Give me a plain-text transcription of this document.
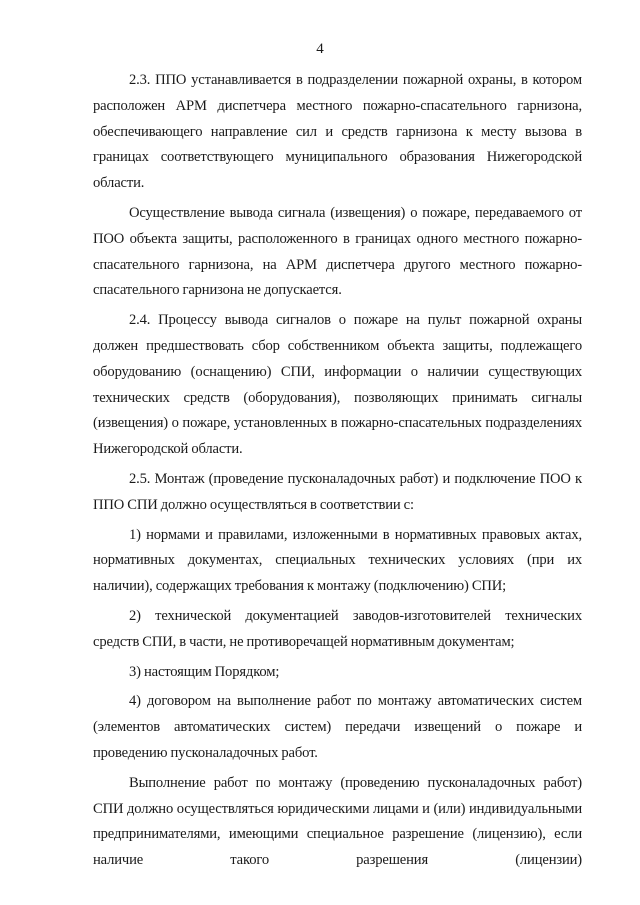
4

2.3. ППО устанавливается в подразделении пожарной охраны, в котором расположен АРМ диспетчера местного пожарно-спасательного гарнизона, обеспечивающего направление сил и средств гарнизона к месту вызова в границах соответствующего муниципального образования Нижегородской области.

Осуществление вывода сигнала (извещения) о пожаре, передаваемого от ПОО объекта защиты, расположенного в границах одного местного пожарно-спасательного гарнизона, на АРМ диспетчера другого местного пожарно-спасательного гарнизона не допускается.

2.4. Процессу вывода сигналов о пожаре на пульт пожарной охраны должен предшествовать сбор собственником объекта защиты, подлежащего оборудованию (оснащению) СПИ, информации о наличии существующих технических средств (оборудования), позволяющих принимать сигналы (извещения) о пожаре, установленных в пожарно-спасательных подразделениях Нижегородской области.

2.5. Монтаж (проведение пусконаладочных работ) и подключение ПОО к ППО СПИ должно осуществляться в соответствии с:

1) нормами и правилами, изложенными в нормативных правовых актах, нормативных документах, специальных технических условиях (при их наличии), содержащих требования к монтажу (подключению) СПИ;

2) технической документацией заводов-изготовителей технических средств СПИ, в части, не противоречащей нормативным документам;

3) настоящим Порядком;

4) договором на выполнение работ по монтажу автоматических систем (элементов автоматических систем) передачи извещений о пожаре и проведению пусконаладочных работ.

Выполнение работ по монтажу (проведению пусконаладочных работ) СПИ должно осуществляться юридическими лицами и (или) индивидуальными предпринимателями, имеющими специальное разрешение (лицензию), если наличие такого разрешения (лицензии)
